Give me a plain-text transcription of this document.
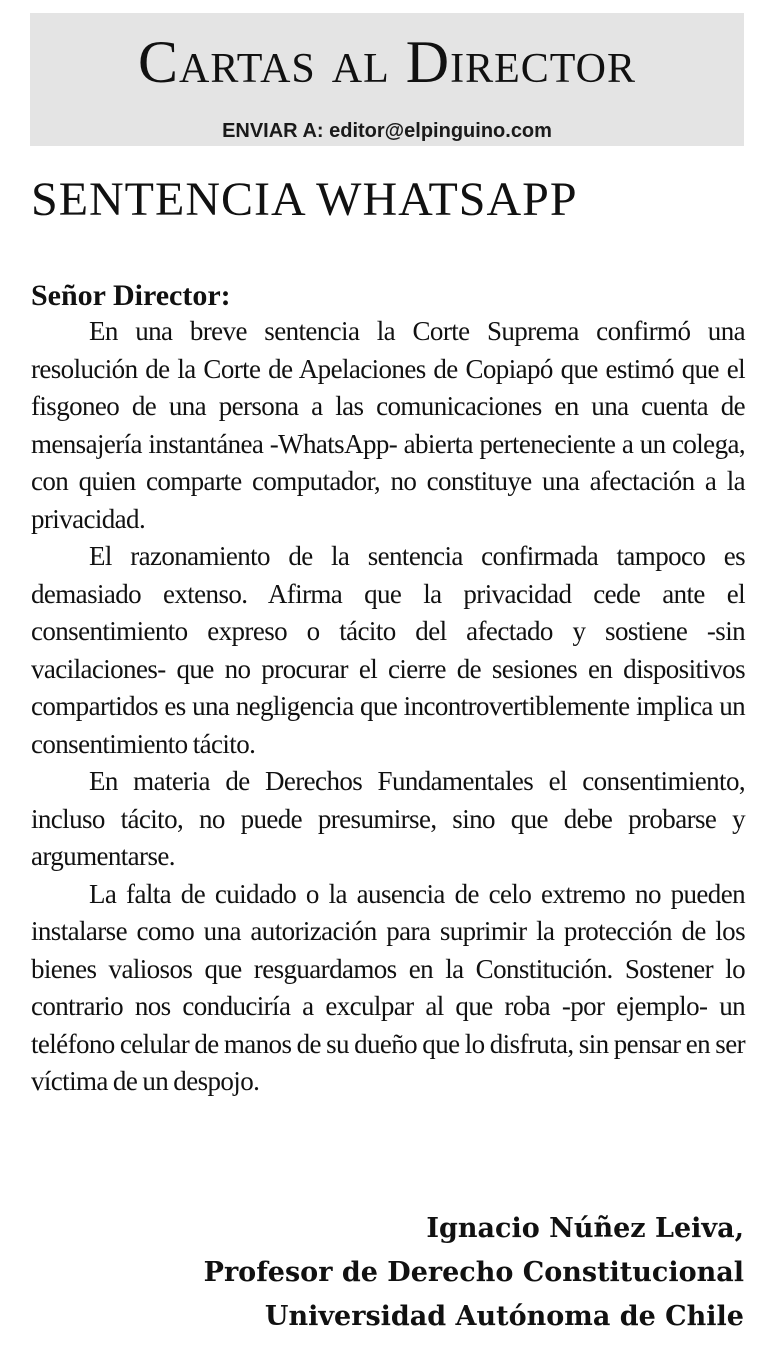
Cartas al Director
ENVIAR A: editor@elpinguino.com
SENTENCIA WHATSAPP
Señor Director:

En una breve sentencia la Corte Suprema confirmó una resolución de la Corte de Apelaciones de Copiapó que estimó que el fisgoneo de una persona a las comunicaciones en una cuenta de mensajería instantánea -WhatsApp- abierta perteneciente a un colega, con quien comparte computador, no constituye una afectación a la privacidad.

El razonamiento de la sentencia confirmada tampoco es demasiado extenso. Afirma que la privacidad cede ante el consentimiento expreso o tácito del afectado y sostiene -sin vacilaciones- que no procurar el cierre de sesiones en dispositivos compartidos es una negligencia que incontrovertiblemente implica un consentimiento tácito.

En materia de Derechos Fundamentales el consentimiento, incluso tácito, no puede presumirse, sino que debe probarse y argumentarse.

La falta de cuidado o la ausencia de celo extremo no pueden instalarse como una autorización para suprimir la protección de los bienes valiosos que resguardamos en la Constitución. Sostener lo contrario nos conduciría a exculpar al que roba -por ejemplo- un teléfono celular de manos de su dueño que lo disfruta, sin pensar en ser víctima de un despojo.

Ignacio Núñez Leiva,
Profesor de Derecho Constitucional
Universidad Autónoma de Chile
